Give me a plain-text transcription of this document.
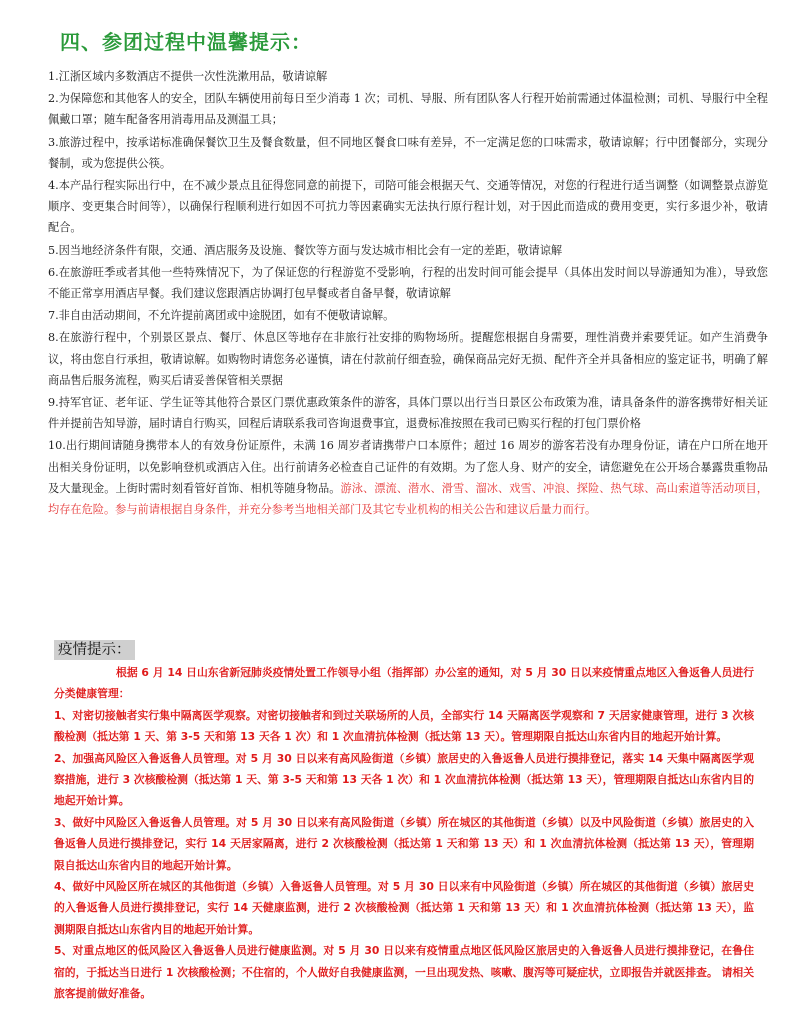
四、参团过程中温馨提示：

1.江浙区域内多数酒店不提供一次性洗漱用品，敬请谅解

2.为保障您和其他客人的安全，团队车辆使用前每日至少消毒 1 次；司机、导服、所有团队客人行程开始前需通过体温检测；司机、导服行中全程佩戴口罩；随车配备客用消毒用品及测温工具；

3.旅游过程中，按承诺标准确保餐饮卫生及餐食数量，但不同地区餐食口味有差异，不一定满足您的口味需求，敬请谅解；行中团餐部分，实现分餐制，或为您提供公筷。

4.本产品行程实际出行中，在不减少景点且征得您同意的前提下，司陪可能会根据天气、交通等情况，对您的行程进行适当调整（如调整景点游览顺序、变更集合时间等），以确保行程顺利进行如因不可抗力等因素确实无法执行原行程计划，对于因此而造成的费用变更，实行多退少补，敬请配合。

5.因当地经济条件有限，交通、酒店服务及设施、餐饮等方面与发达城市相比会有一定的差距，敬请谅解

6.在旅游旺季或者其他一些特殊情况下，为了保证您的行程游览不受影响，行程的出发时间可能会提早（具体出发时间以导游通知为准），导致您不能正常享用酒店早餐。我们建议您跟酒店协调打包早餐或者自备早餐，敬请谅解

7.非自由活动期间，不允许提前离团或中途脱团，如有不便敬请谅解。

8.在旅游行程中，个别景区景点、餐厅、休息区等地存在非旅行社安排的购物场所。提醒您根据自身需要，理性消费并索要凭证。如产生消费争议，将由您自行承担，敬请谅解。如购物时请您务必谨慎，请在付款前仔细查验，确保商品完好无损、配件齐全并具备相应的鉴定证书，明确了解商品售后服务流程，购买后请妥善保管相关票据

9.持军官证、老年证、学生证等其他符合景区门票优惠政策条件的游客，具体门票以出行当日景区公布政策为准，请具备条件的游客携带好相关证件并提前告知导游，届时请自行购买，回程后请联系我司咨询退费事宜，退费标准按照在我司已购买行程的打包门票价格

10.出行期间请随身携带本人的有效身份证原件，未满 16 周岁者请携带户口本原件；超过 16 周岁的游客若没有办理身份证，请在户口所在地开出相关身份证明，以免影响登机或酒店入住。出行前请务必检查自己证件的有效期。为了您人身、财产的安全，请您避免在公开场合暴露贵重物品及大量现金。上街时需时刻看管好首饰、相机等随身物品。游泳、漂流、潜水、滑雪、溜冰、戏雪、冲浪、探险、热气球、高山索道等活动项目，均存在危险。参与前请根据自身条件，并充分参考当地相关部门及其它专业机构的相关公告和建议后量力而行。

疫情提示：

根据 6 月 14 日山东省新冠肺炎疫情处置工作领导小组（指挥部）办公室的通知，对 5 月 30 日以来疫情重点地区入鲁返鲁人员进行分类健康管理：

1、对密切接触者实行集中隔离医学观察。对密切接触者和到过关联场所的人员，全部实行 14 天隔离医学观察和 7 天居家健康管理，进行 3 次核酸检测（抵达第 1 天、第 3-5 天和第 13 天各 1 次）和 1 次血清抗体检测（抵达第 13 天）。管理期限自抵达山东省内目的地起开始计算。

2、加强高风险区入鲁返鲁人员管理。对 5 月 30 日以来有高风险街道（乡镇）旅居史的入鲁返鲁人员进行摸排登记，落实 14 天集中隔离医学观察措施，进行 3 次核酸检测（抵达第 1 天、第 3-5 天和第 13 天各 1 次）和 1 次血清抗体检测（抵达第 13 天），管理期限自抵达山东省内目的地起开始计算。

3、做好中风险区入鲁返鲁人员管理。对 5 月 30 日以来有高风险街道（乡镇）所在城区的其他街道（乡镇）以及中风险街道（乡镇）旅居史的入鲁返鲁人员进行摸排登记，实行 14 天居家隔离，进行 2 次核酸检测（抵达第 1 天和第 13 天）和 1 次血清抗体检测（抵达第 13 天），管理期限自抵达山东省内目的地起开始计算。

4、做好中风险区所在城区的其他街道（乡镇）入鲁返鲁人员管理。对 5 月 30 日以来有中风险街道（乡镇）所在城区的其他街道（乡镇）旅居史的入鲁返鲁人员进行摸排登记，实行 14 天健康监测，进行 2 次核酸检测（抵达第 1 天和第 13 天）和 1 次血清抗体检测（抵达第 13 天），监测期限自抵达山东省内目的地起开始计算。

5、对重点地区的低风险区入鲁返鲁人员进行健康监测。对 5 月 30 日以来有疫情重点地区低风险区旅居史的入鲁返鲁人员进行摸排登记，在鲁住宿的，于抵达当日进行 1 次核酸检测；不住宿的，个人做好自我健康监测，一旦出现发热、咳嗽、腹泻等可疑症状，立即报告并就医排查。 请相关旅客提前做好准备。
